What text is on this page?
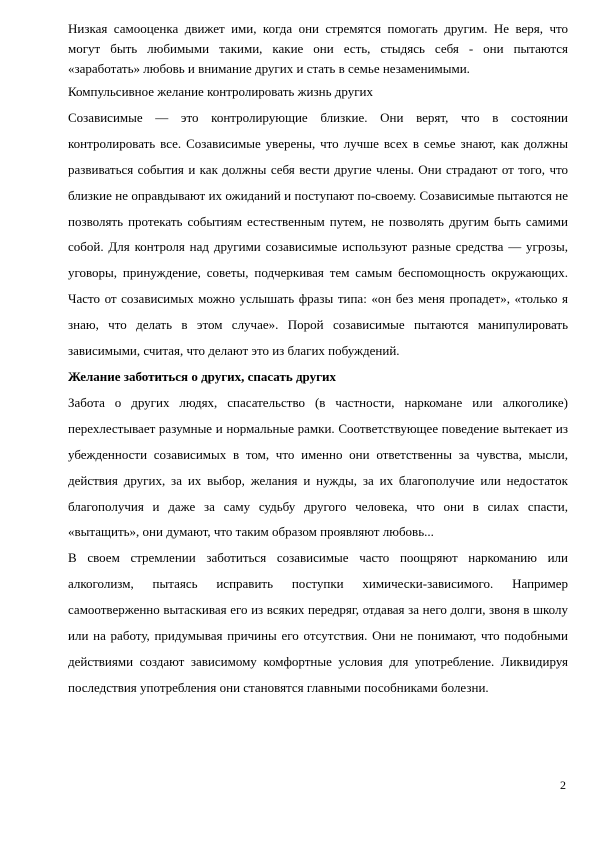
Низкая самооценка движет ими, когда они стремятся помогать другим. Не веря, что могут быть любимыми такими, какие они есть, стыдясь себя - они пытаются «заработать» любовь и внимание других и стать в семье незаменимыми.

Компульсивное желание контролировать жизнь других

Созависимые — это контролирующие близкие. Они верят, что в состоянии контролировать все. Созависимые уверены, что лучше всех в семье знают, как должны развиваться события и как должны себя вести другие члены. Они страдают от того, что близкие не оправдывают их ожиданий и поступают по-своему. Созависимые пытаются не позволять протекать событиям естественным путем, не позволять другим быть самими собой. Для контроля над другими созависимые используют разные средства — угрозы, уговоры, принуждение, советы, подчеркивая тем самым беспомощность окружающих. Часто от созависимых можно услышать фразы типа: «он без меня пропадет», «только я знаю, что делать в этом случае». Порой созависимые пытаются манипулировать зависимыми, считая, что делают это из благих побуждений.

Желание заботиться о других, спасать других

Забота о других людях, спасательство (в частности, наркомане или алкоголике) перехлестывает разумные и нормальные рамки. Соответствующее поведение вытекает из убежденности созависимых в том, что именно они ответственны за чувства, мысли, действия других, за их выбор, желания и нужды, за их благополучие или недостаток благополучия и даже за саму судьбу другого человека, что они в силах спасти, «вытащить», они думают, что таким образом проявляют любовь...

В своем стремлении заботиться созависимые часто поощряют наркоманию или алкоголизм, пытаясь исправить поступки химически-зависимого. Например самоотверженно вытаскивая его из всяких передряг, отдавая за него долги, звоня в школу или на работу, придумывая причины его отсутствия. Они не понимают, что подобными действиями создают зависимому комфортные условия для употребление. Ликвидируя последствия употребления они становятся главными пособниками болезни.

2
